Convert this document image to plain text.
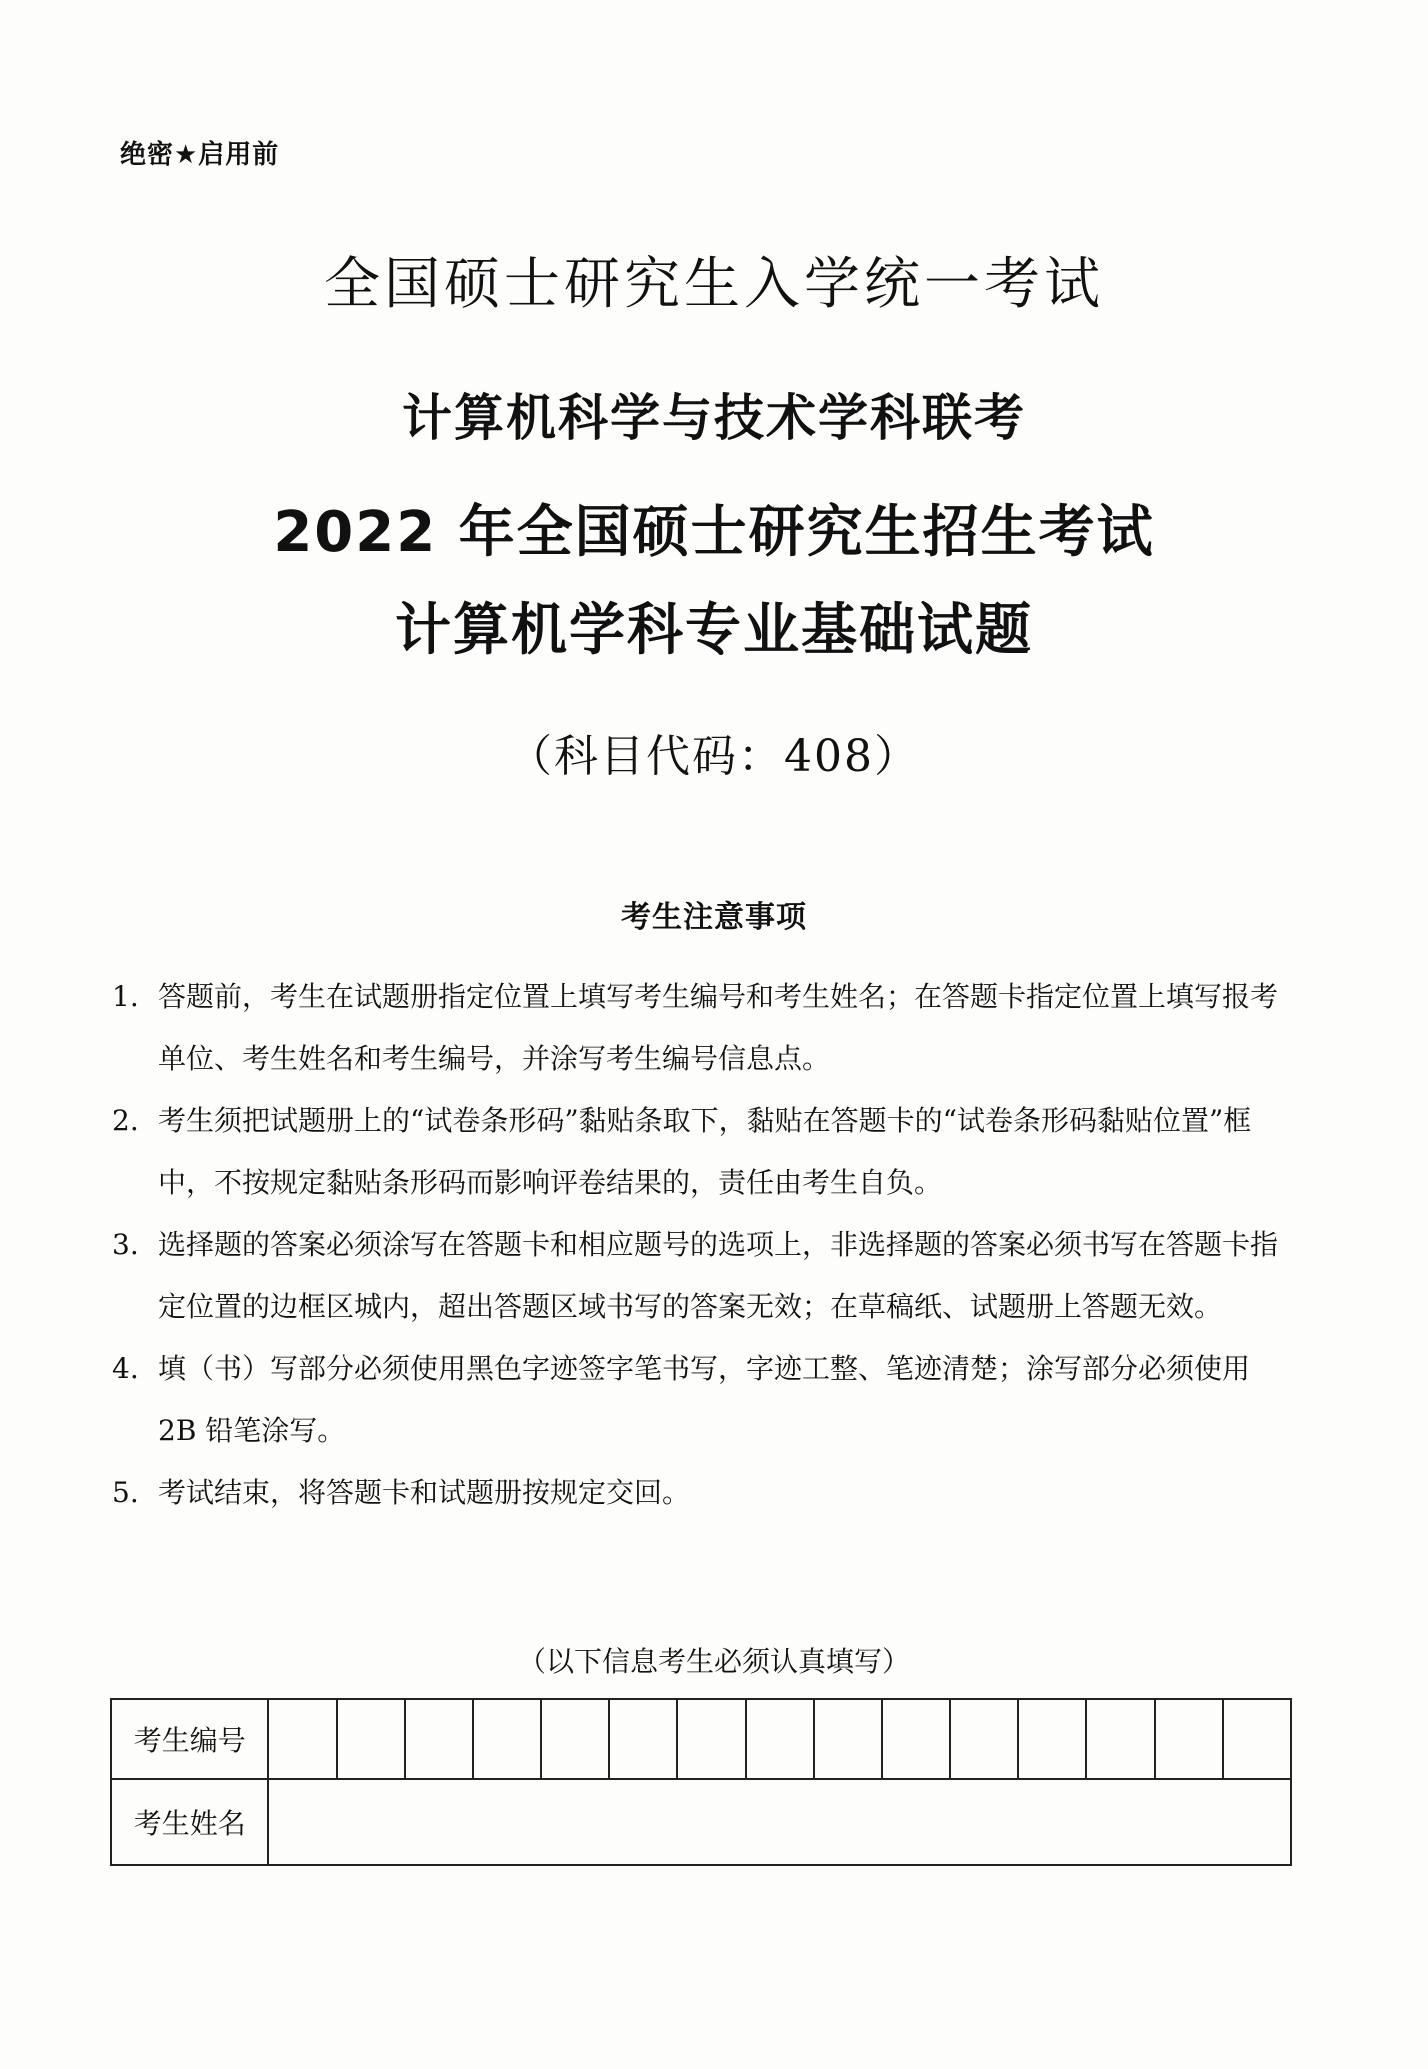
绝密★启用前
全国硕士研究生入学统一考试
计算机科学与技术学科联考
2022 年全国硕士研究生招生考试
计算机学科专业基础试题
（科目代码：408）
考生注意事项
1. 答题前，考生在试题册指定位置上填写考生编号和考生姓名；在答题卡指定位置上填写报考单位、考生姓名和考生编号，并涂写考生编号信息点。
2. 考生须把试题册上的“试卷条形码”黏贴条取下，黏贴在答题卡的“试卷条形码黏贴位置”框中，不按规定黏贴条形码而影响评卷结果的，责任由考生自负。
3. 选择题的答案必须涂写在答题卡和相应题号的选项上，非选择题的答案必须书写在答题卡指定位置的边框区城内，超出答题区域书写的答案无效；在草稿纸、试题册上答题无效。
4. 填（书）写部分必须使用黑色字迹签字笔书写，字迹工整、笔迹清楚；涂写部分必须使用 2B 铅笔涂写。
5. 考试结束，将答题卡和试题册按规定交回。
（以下信息考生必须认真填写）
考生编号															
考生姓名															
